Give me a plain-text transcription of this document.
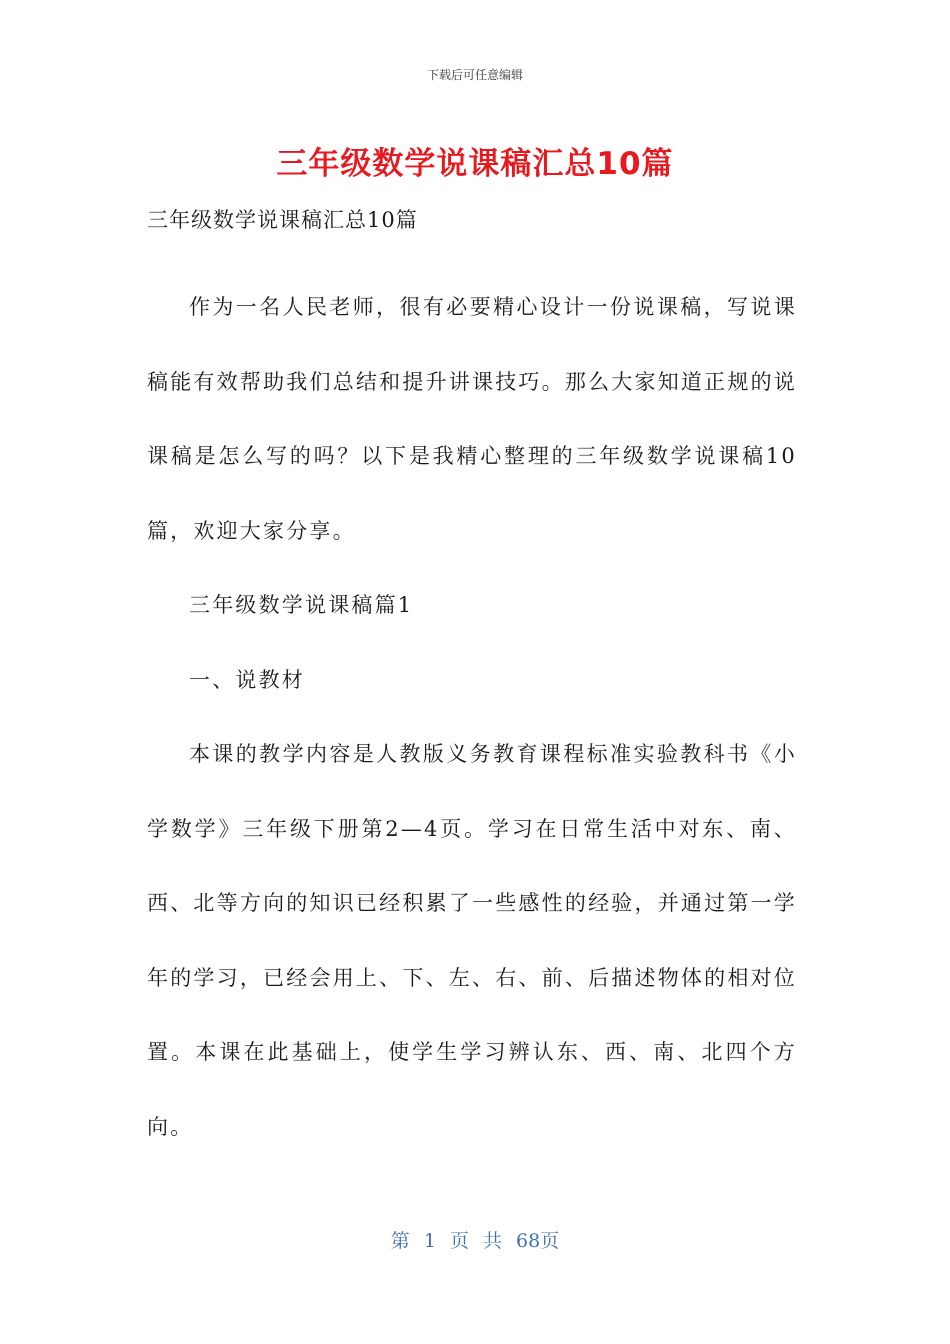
下载后可任意编辑
三年级数学说课稿汇总10篇
三年级数学说课稿汇总10篇

作为一名人民老师，很有必要精心设计一份说课稿，写说课稿能有效帮助我们总结和提升讲课技巧。那么大家知道正规的说课稿是怎么写的吗？以下是我精心整理的三年级数学说课稿10篇，欢迎大家分享。

三年级数学说课稿篇1

一、说教材

本课的教学内容是人教版义务教育课程标准实验教科书《小学数学》三年级下册第2—4页。学习在日常生活中对东、南、西、北等方向的知识已经积累了一些感性的经验，并通过第一学年的学习，已经会用上、下、左、右、前、后描述物体的相对位置。本课在此基础上，使学生学习辨认东、西、南、北四个方向。

第 1 页 共 68页
